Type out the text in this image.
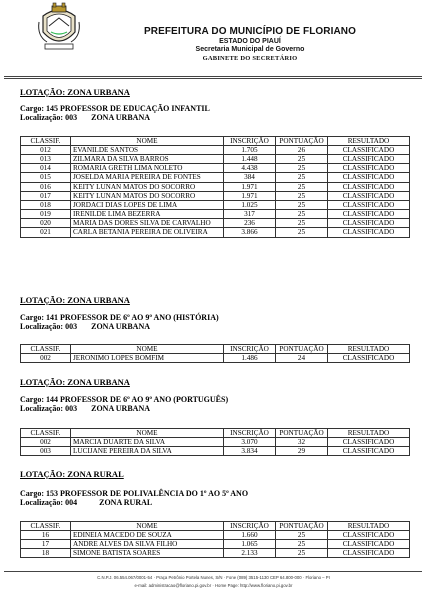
PREFEITURA DO MUNICÍPIO DE FLORIANO
ESTADO DO PIAUÍ
Secretaria Municipal de Governo
GABINETE DO SECRETÁRIO
LOTAÇÃO: ZONA URBANA
Cargo: 145 PROFESSOR DE EDUCAÇÃO INFANTIL
Localização: 003 ZONA URBANA
CLASSIF.	NOME	INSCRIÇÃO	PONTUAÇÃO	RESULTADO
012	EVANILDE SANTOS	1.705	26	CLASSIFICADO
013	ZILMARA DA SILVA BARROS	1.448	25	CLASSIFICADO
014	ROMARIA GRETH LIMA NOLETO	4.438	25	CLASSIFICADO
015	JOSELDA MARIA PEREIRA DE FONTES	384	25	CLASSIFICADO
016	KEITY LUNAN MATOS DO SOCORRO	1.971	25	CLASSIFICADO
017	KEITY LUNAN MATOS DO SOCORRO	1.971	25	CLASSIFICADO
018	JORDACI DIAS LOPES DE LIMA	1.025	25	CLASSIFICADO
019	IRENILDE LIMA BEZERRA	317	25	CLASSIFICADO
020	MARIA DAS DORES SILVA DE CARVALHO	236	25	CLASSIFICADO
021	CARLA BETANIA PEREIRA DE OLIVEIRA	3.866	25	CLASSIFICADO
LOTAÇÃO: ZONA URBANA
Cargo: 141 PROFESSOR DE 6º AO 9º ANO (HISTÓRIA)
Localização: 003 ZONA URBANA
CLASSIF.	NOME	INSCRIÇÃO	PONTUAÇÃO	RESULTADO
002	JERONIMO LOPES BOMFIM	1.486	24	CLASSIFICADO
LOTAÇÃO: ZONA URBANA
Cargo: 144 PROFESSOR DE 6º AO 9º ANO (PORTUGUÊS)
Localização: 003 ZONA URBANA
CLASSIF.	NOME	INSCRIÇÃO	PONTUAÇÃO	RESULTADO
002	MARCIA DUARTE DA SILVA	3.070	32	CLASSIFICADO
003	LUCIJANE PEREIRA DA SILVA	3.834	29	CLASSIFICADO
LOTAÇÃO: ZONA RURAL
Cargo: 153 PROFESSOR DE POLIVALÊNCIA DO 1º AO 5º ANO
Localização: 004	ZONA RURAL
CLASSIF.	NOME	INSCRIÇÃO	PONTUAÇÃO	RESULTADO
16	EDINEIA MACEDO DE SOUZA	1.660	25	CLASSIFICADO
17	ANDRE ALVES DA SILVA FILHO	1.065	25	CLASSIFICADO
18	SIMONE BATISTA SOARES	2.133	25	CLASSIFICADO
C.N.P.J. 06.554.067/0001-54 · Praça Petrônio Portela Nunes, S/N · Fone (089) 3515-1130 CEP 64.800-000 · Floriano – PI
e-mail: administracao@floriano.pi.gov.br · Home Page: http://www.floriano.pi.gov.br
